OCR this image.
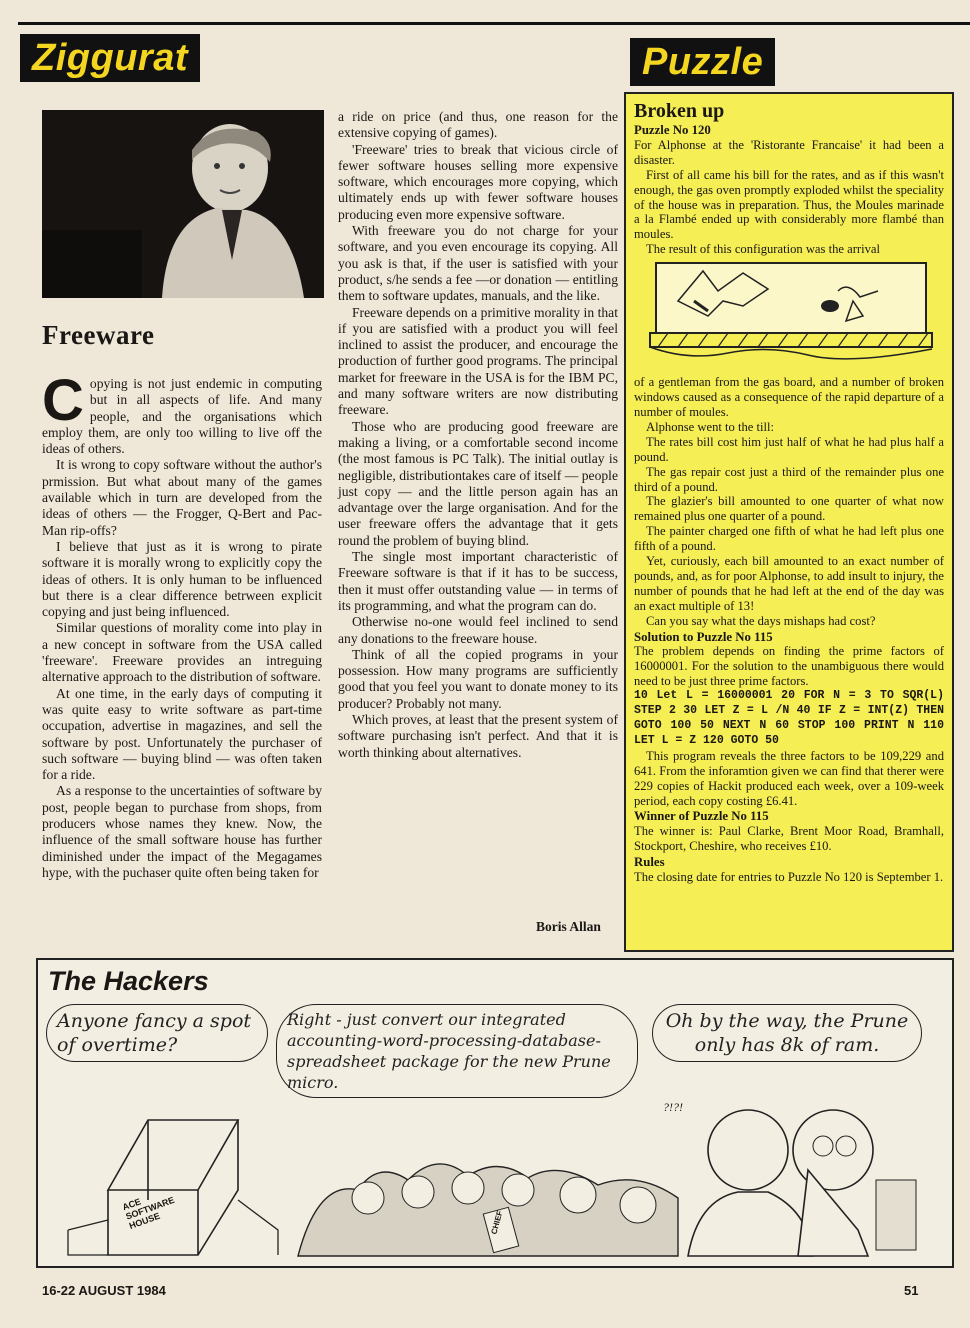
Ziggurat	Puzzle
Freeware

Copying is not just endemic in computing but in all aspects of life. And many people, and the organisations which employ them, are only too willing to live off the ideas of others.

It is wrong to copy software without the author's prmission. But what about many of the games available which in turn are developed from the ideas of others — the Frogger, Q-Bert and Pac-Man rip-offs?

I believe that just as it is wrong to pirate software it is morally wrong to explicitly copy the ideas of others. It is only human to be influenced but there is a clear difference betrween explicit copying and just being influenced.

Similar questions of morality come into play in a new concept in software from the USA called 'freeware'. Freeware provides an intreguing alternative approach to the distribution of software.

At one time, in the early days of computing it was quite easy to write software as part-time occupation, advertise in magazines, and sell the software by post. Unfortunately the purchaser of such software — buying blind — was often taken for a ride.

As a response to the uncertainties of software by post, people began to purchase from shops, from producers whose names they knew. Now, the influence of the small software house has further diminished under the impact of the Megagames hype, with the puchaser quite often being taken for

a ride on price (and thus, one reason for the extensive copying of games).

'Freeware' tries to break that vicious circle of fewer software houses selling more expensive software, which encourages more copying, which ultimately ends up with fewer software houses producing even more expensive software.

With freeware you do not charge for your software, and you even encourage its copying. All you ask is that, if the user is satisfied with your product, s/he sends a fee —or donation — entitling them to software updates, manuals, and the like.

Freeware depends on a primitive morality in that if you are satisfied with a product you will feel inclined to assist the producer, and encourage the production of further good programs. The principal market for freeware in the USA is for the IBM PC, and many software writers are now distributing freeware.

Those who are producing good freeware are making a living, or a comfortable second income (the most famous is PC Talk). The initial outlay is negligible, distributiontakes care of itself — people just copy — and the little person again has an advantage over the large organisation. And for the user freeware offers the advantage that it gets round the problem of buying blind.

The single most important characteristic of Freeware software is that if it has to be success, then it must offer outstanding value — in terms of its programming, and what the program can do.

Otherwise no-one would feel inclined to send any donations to the freeware house.

Think of all the copied programs in your possession. How many programs are sufficiently good that you feel you want to donate money to its producer? Probably not many.

Which proves, at least that the present system of software purchasing isn't perfect. And that it is worth thinking about alternatives.

Boris Allan
Broken up
Puzzle No 120

For Alphonse at the 'Ristorante Francaise' it had been a disaster.

First of all came his bill for the rates, and as if this wasn't enough, the gas oven promptly exploded whilst the speciality of the house was in preparation. Thus, the Moules marinade a la Flambé ended up with considerably more flambé than moules.

The result of this configuration was the arrival

of a gentleman from the gas board, and a number of broken windows caused as a consequence of the rapid departure of a number of moules.

Alphonse went to the till:

The rates bill cost him just half of what he had plus half a pound.

The gas repair cost just a third of the remainder plus one third of a pound.

The glazier's bill amounted to one quarter of what now remained plus one quarter of a pound.

The painter charged one fifth of what he had left plus one fifth of a pound.

Yet, curiously, each bill amounted to an exact number of pounds, and, as for poor Alphonse, to add insult to injury, the number of pounds that he had left at the end of the day was an exact multiple of 13!

Can you say what the days mishaps had cost?

Solution to Puzzle No 115

The problem depends on finding the prime factors of 16000001. For the solution to the unambiguous there would need to be just three prime factors.

10 Let L = 16000001 20 FOR N = 3 TO SQR(L) STEP 2 30 LET Z = L /N 40 IF Z = INT(Z) THEN GOTO 100 50 NEXT N 60 STOP 100 PRINT N 110 LET L = Z 120 GOTO 50

This program reveals the three factors to be 109,229 and 641. From the inforamtion given we can find that therer were 229 copies of Hackit produced each week, over a 109-week period, each copy costing £6.41.

Winner of Puzzle No 115

The winner is: Paul Clarke, Brent Moor Road, Bramhall, Stockport, Cheshire, who receives £10.

Rules

The closing date for entries to Puzzle No 120 is September 1.

The Hackers
Anyone fancy a spot of overtime?
Right - just convert our integrated accounting-word-processing-database-spreadsheet package for the new Prune micro.
Oh by the way, the Prune only has 8k of ram.
?!?!
ACE SOFTWARE HOUSE	CHIEF
16-22 AUGUST 1984	51
